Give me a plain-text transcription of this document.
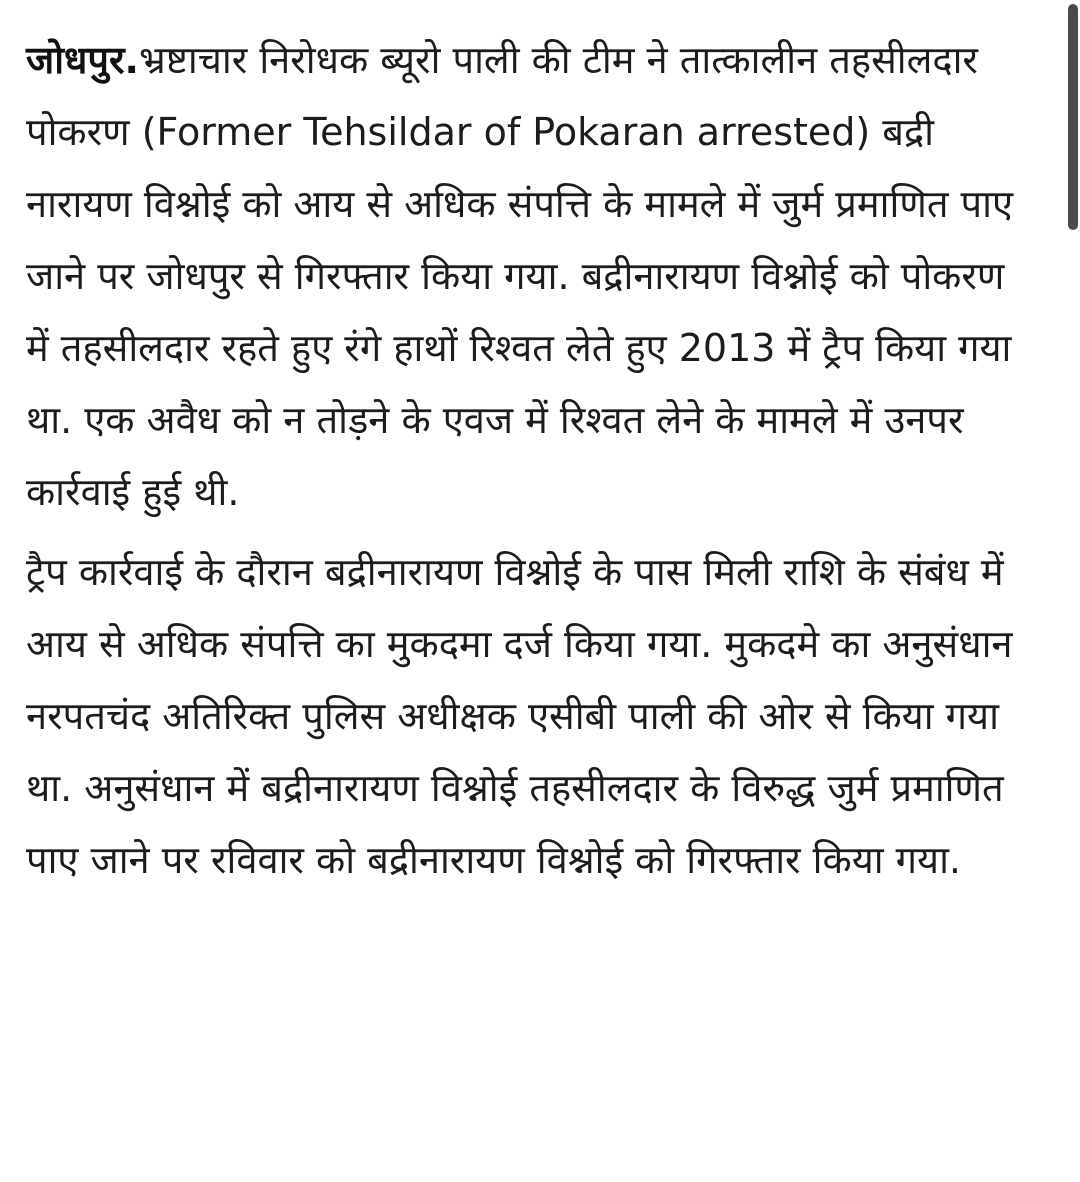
जोधपुर.भ्रष्टाचार निरोधक ब्यूरो पाली की टीम ने तात्कालीन तहसीलदार पोकरण (Former Tehsildar of Pokaran arrested) बद्री नारायण विश्नोई को आय से अधिक संपत्ति के मामले में जुर्म प्रमाणित पाए जाने पर जोधपुर से गिरफ्तार किया गया. बद्रीनारायण विश्नोई को पोकरण में तहसीलदार रहते हुए रंगे हाथों रिश्वत लेते हुए 2013 में ट्रैप किया गया था. एक अवैध को न तोड़ने के एवज में रिश्वत लेने के मामले में उनपर कार्रवाई हुई थी.

ट्रैप कार्रवाई के दौरान बद्रीनारायण विश्नोई के पास मिली राशि के संबंध में आय से अधिक संपत्ति का मुकदमा दर्ज किया गया. मुकदमे का अनुसंधान नरपतचंद अतिरिक्त पुलिस अधीक्षक एसीबी पाली की ओर से किया गया था. अनुसंधान में बद्रीनारायण विश्नोई तहसीलदार के विरुद्ध जुर्म प्रमाणित पाए जाने पर रविवार को बद्रीनारायण विश्नोई को गिरफ्तार किया गया.
